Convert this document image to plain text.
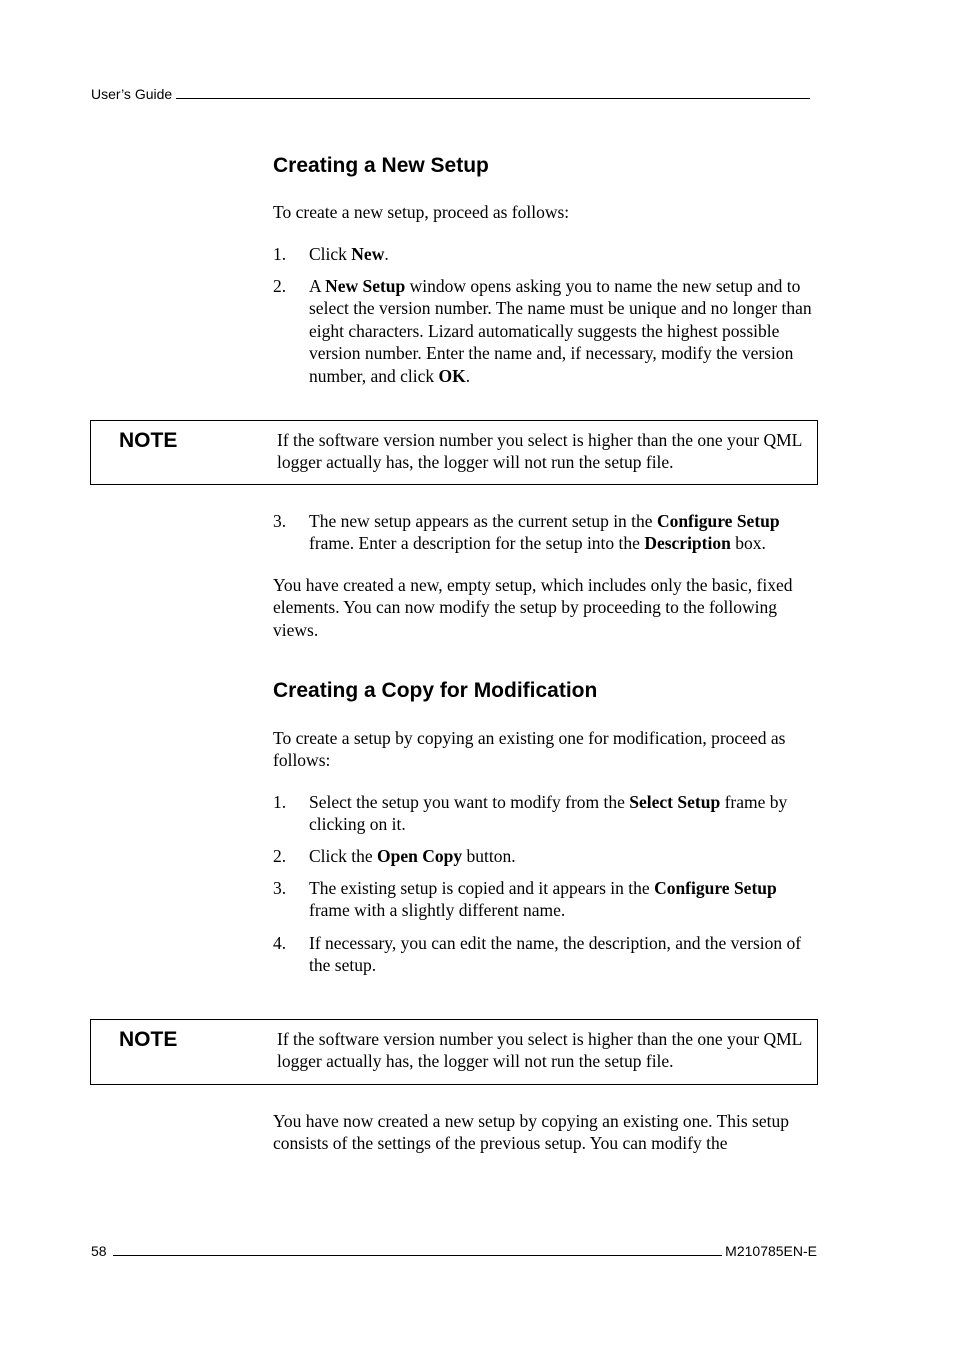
User’s Guide
Creating a New Setup

To create a new setup, proceed as follows:

1. Click New.
2. A New Setup window opens asking you to name the new setup and to select the version number. The name must be unique and no longer than eight characters. Lizard automatically suggests the highest possible version number. Enter the name and, if necessary, modify the version number, and click OK.
NOTE	If the software version number you select is higher than the one your QML logger actually has, the logger will not run the setup file.
3. The new setup appears as the current setup in the Configure Setup frame. Enter a description for the setup into the Description box.

You have created a new, empty setup, which includes only the basic, fixed elements. You can now modify the setup by proceeding to the following views.

Creating a Copy for Modification

To create a setup by copying an existing one for modification, proceed as follows:

1. Select the setup you want to modify from the Select Setup frame by clicking on it.
2. Click the Open Copy button.
3. The existing setup is copied and it appears in the Configure Setup frame with a slightly different name.
4. If necessary, you can edit the name, the description, and the version of the setup.
NOTE	If the software version number you select is higher than the one your QML logger actually has, the logger will not run the setup file.

You have now created a new setup by copying an existing one. This setup consists of the settings of the previous setup. You can modify the

58	M210785EN-E
